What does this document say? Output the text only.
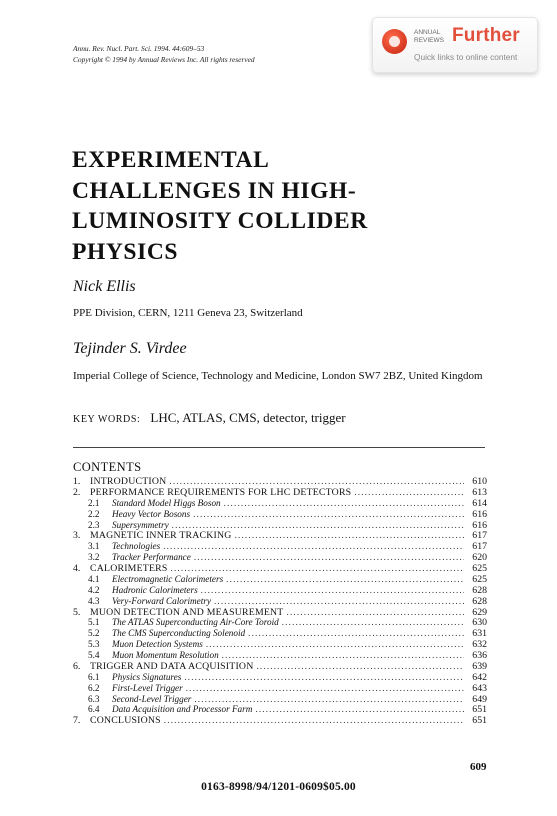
Annu. Rev. Nucl. Part. Sci. 1994. 44:609–53
Copyright © 1994 by Annual Reviews Inc. All rights reserved
ANNUAL
REVIEWS Further
Quick links to online content
EXPERIMENTAL
CHALLENGES IN HIGH-
LUMINOSITY COLLIDER
PHYSICS
Nick Ellis
PPE Division, CERN, 1211 Geneva 23, Switzerland
Tejinder S. Virdee
Imperial College of Science, Technology and Medicine, London SW7 2BZ, United Kingdom
KEY WORDS: LHC, ATLAS, CMS, detector, trigger
CONTENTS
1. INTRODUCTION .....	610
2. PERFORMANCE REQUIREMENTS FOR LHC DETECTORS .....	613
2.1	Standard Model Higgs Boson .....	614
2.2	Heavy Vector Bosons .....	616
2.3	Supersymmetry .....	616
3. MAGNETIC INNER TRACKING .....	617
3.1	Technologies .....	617
3.2	Tracker Performance .....	620
4. CALORIMETERS .....	625
4.1	Electromagnetic Calorimeters .....	625
4.2	Hadronic Calorimeters .....	628
4.3	Very-Forward Calorimetry .....	628
5. MUON DETECTION AND MEASUREMENT .....	629
5.1	The ATLAS Superconducting Air-Core Toroid .....	630
5.2	The CMS Superconducting Solenoid .....	631
5.3	Muon Detection Systems .....	632
5.4	Muon Momentum Resolution .....	636
6. TRIGGER AND DATA ACQUISITION .....	639
6.1	Physics Signatures .....	642
6.2	First-Level Trigger .....	643
6.3	Second-Level Trigger .....	649
6.4	Data Acquisition and Processor Farm .....	651
7. CONCLUSIONS .....	651
609
0163-8998/94/1201-0609$05.00
